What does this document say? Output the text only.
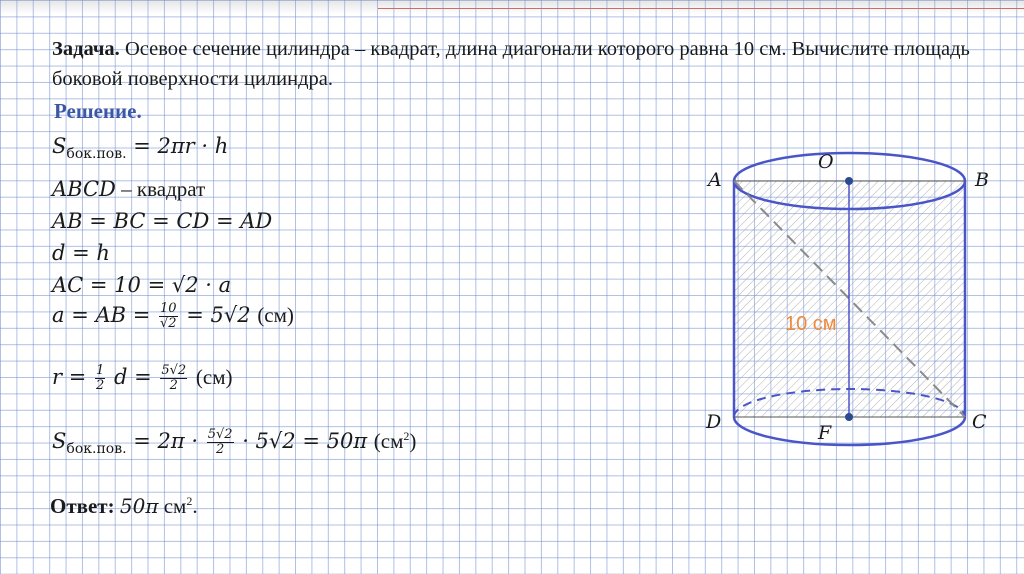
Задача. Осевое сечение цилиндра – квадрат, длина диагонали которого равна 10 см. Вычислите площадь боковой поверхности цилиндра.
Решение.
$S_{бок.пов.} = 2\pi r \cdot h$
ABCD – квадрат
AB = BC = CD = AD
d = h
AC = 10 = √2 · a
a = AB = $\frac{10}{√2} = 5√2$ (см)
$r = \frac{1}{2}$ $d = \frac{5√2}{2} (см)$
$S_{бок.пов.} = 2\pi \cdot \frac{5√2}{2} \cdot 5√2 = 50\pi$ $(см^2)$
Ответ: 50π $см^2$.
10 см
A	B
C
D
O
F
